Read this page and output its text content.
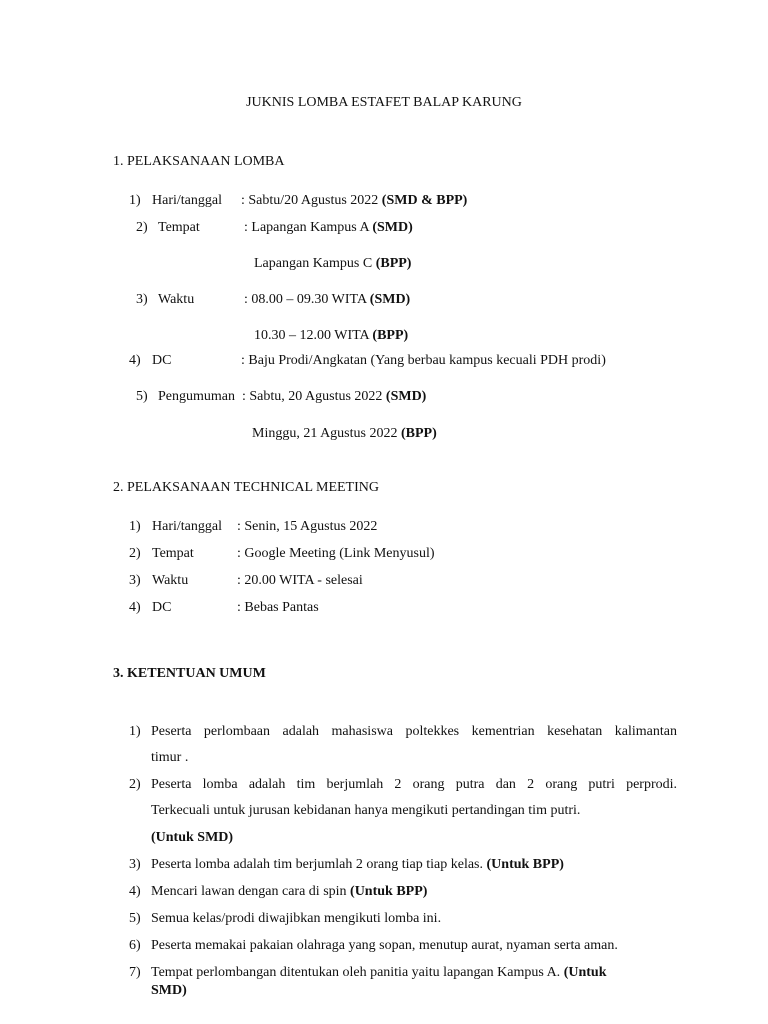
JUKNIS LOMBA ESTAFET BALAP KARUNG
1. PELAKSANAAN LOMBA
1) Hari/tanggal : Sabtu/20 Agustus 2022 (SMD & BPP)
2) Tempat	: Lapangan Kampus A (SMD)
Lapangan Kampus C (BPP)
3) Waktu	: 08.00 – 09.30 WITA (SMD)
10.30 – 12.00 WITA (BPP)
4) DC	: Baju Prodi/Angkatan (Yang berbau kampus kecuali PDH prodi)
5) Pengumuman : Sabtu, 20 Agustus 2022 (SMD)
Minggu, 21 Agustus 2022 (BPP)
2. PELAKSANAAN TECHNICAL MEETING
1) Hari/tanggal : Senin, 15 Agustus 2022
2) Tempat	: Google Meeting (Link Menyusul)
3) Waktu	: 20.00 WITA - selesai
4) DC	: Bebas Pantas
3. KETENTUAN UMUM
1) Peserta perlombaan adalah mahasiswa poltekkes kementrian kesehatan kalimantan
timur .
2) Peserta lomba adalah tim berjumlah 2 orang putra dan 2 orang putri perprodi.
Terkecuali untuk jurusan kebidanan hanya mengikuti pertandingan tim putri.
(Untuk SMD)
3) Peserta lomba adalah tim berjumlah 2 orang tiap tiap kelas. (Untuk BPP)
4) Mencari lawan dengan cara di spin (Untuk BPP)
5) Semua kelas/prodi diwajibkan mengikuti lomba ini.
6) Peserta memakai pakaian olahraga yang sopan, menutup aurat, nyaman serta aman.
7) Tempat perlombangan ditentukan oleh panitia yaitu lapangan Kampus A. (Untuk
SMD)
